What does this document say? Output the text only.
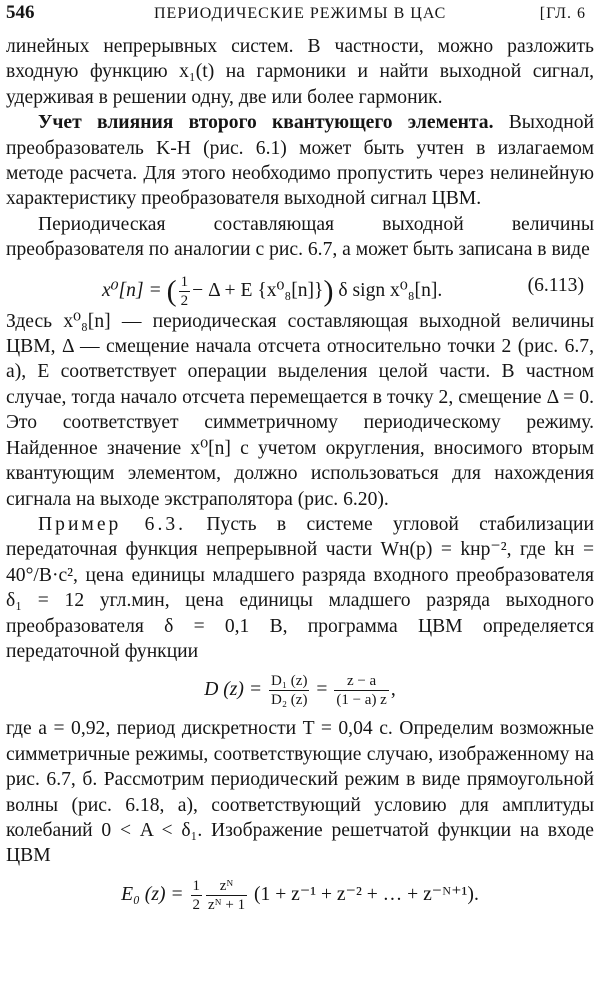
546	ПЕРИОДИЧЕСКИЕ РЕЖИМЫ В ЦАС	[ГЛ. 6

линейных непрерывных систем. В частности, можно разложить входную функцию x₁(t) на гармоники и найти выходной сигнал, удерживая в решении одну, две или более гармоник.

Учет влияния второго квантующего элемента. Выходной преобразователь K-H (рис. 6.1) может быть учтен в излагаемом методе расчета. Для этого необходимо пропустить через нелинейную характеристику преобразователя выходной сигнал ЦВМ.

Периодическая составляющая выходной величины преобразователя по аналогии с рис. 6.7, а может быть записана в виде

x⁰[n] = ( $\frac{1}{2} - \Delta + E$ {x⁰₈[n]}) δ sign x⁰₈[n].	(6.113)

Здесь x⁰₈[n] — периодическая составляющая выходной величины ЦВМ, Δ — смещение начала отсчета относительно точки 2 (рис. 6.7, а), E соответствует операции выделения целой части. В частном случае, тогда начало отсчета перемещается в точку 2, смещение Δ = 0. Это соответствует симметричному периодическому режиму. Найденное значение x⁰[n] с учетом округления, вносимого вторым квантующим элементом, должно использоваться для нахождения сигнала на выходе экстраполятора (рис. 6.20).

Пример 6.3. Пусть в системе угловой стабилизации передаточная функция непрерывной части Wн(p) = kнp⁻², где kн = 40°/В·с², цена единицы младшего разряда входного преобразователя δ₁ = 12 угл.мин, цена единицы младшего разряда выходного преобразователя δ = 0,1 В, программа ЦВМ определяется передаточной функции

D $(z) = \frac{\text{D₁ (z)}}{\text{D₂ (z)}} = \frac{z - a}{(1 - a) z}$ ,

где a = 0,92, период дискретности T = 0,04 с. Определим возможные симметричные режимы, соответствующие случаю, изображенному на рис. 6.7, б. Рассмотрим периодический режим в виде прямоугольной волны (рис. 6.18, а), соответствующий условию для амплитуды колебаний 0 < A < δ₁. Изображение решетчатой функции на входе ЦВМ

E₀ $(z) = \frac{1}{2} \frac{\text{zᴺ}}{\text{zᴺ + 1}} (1 + z^{-1} + z^{-2}$ + … + z⁻ᴺ⁺¹).
